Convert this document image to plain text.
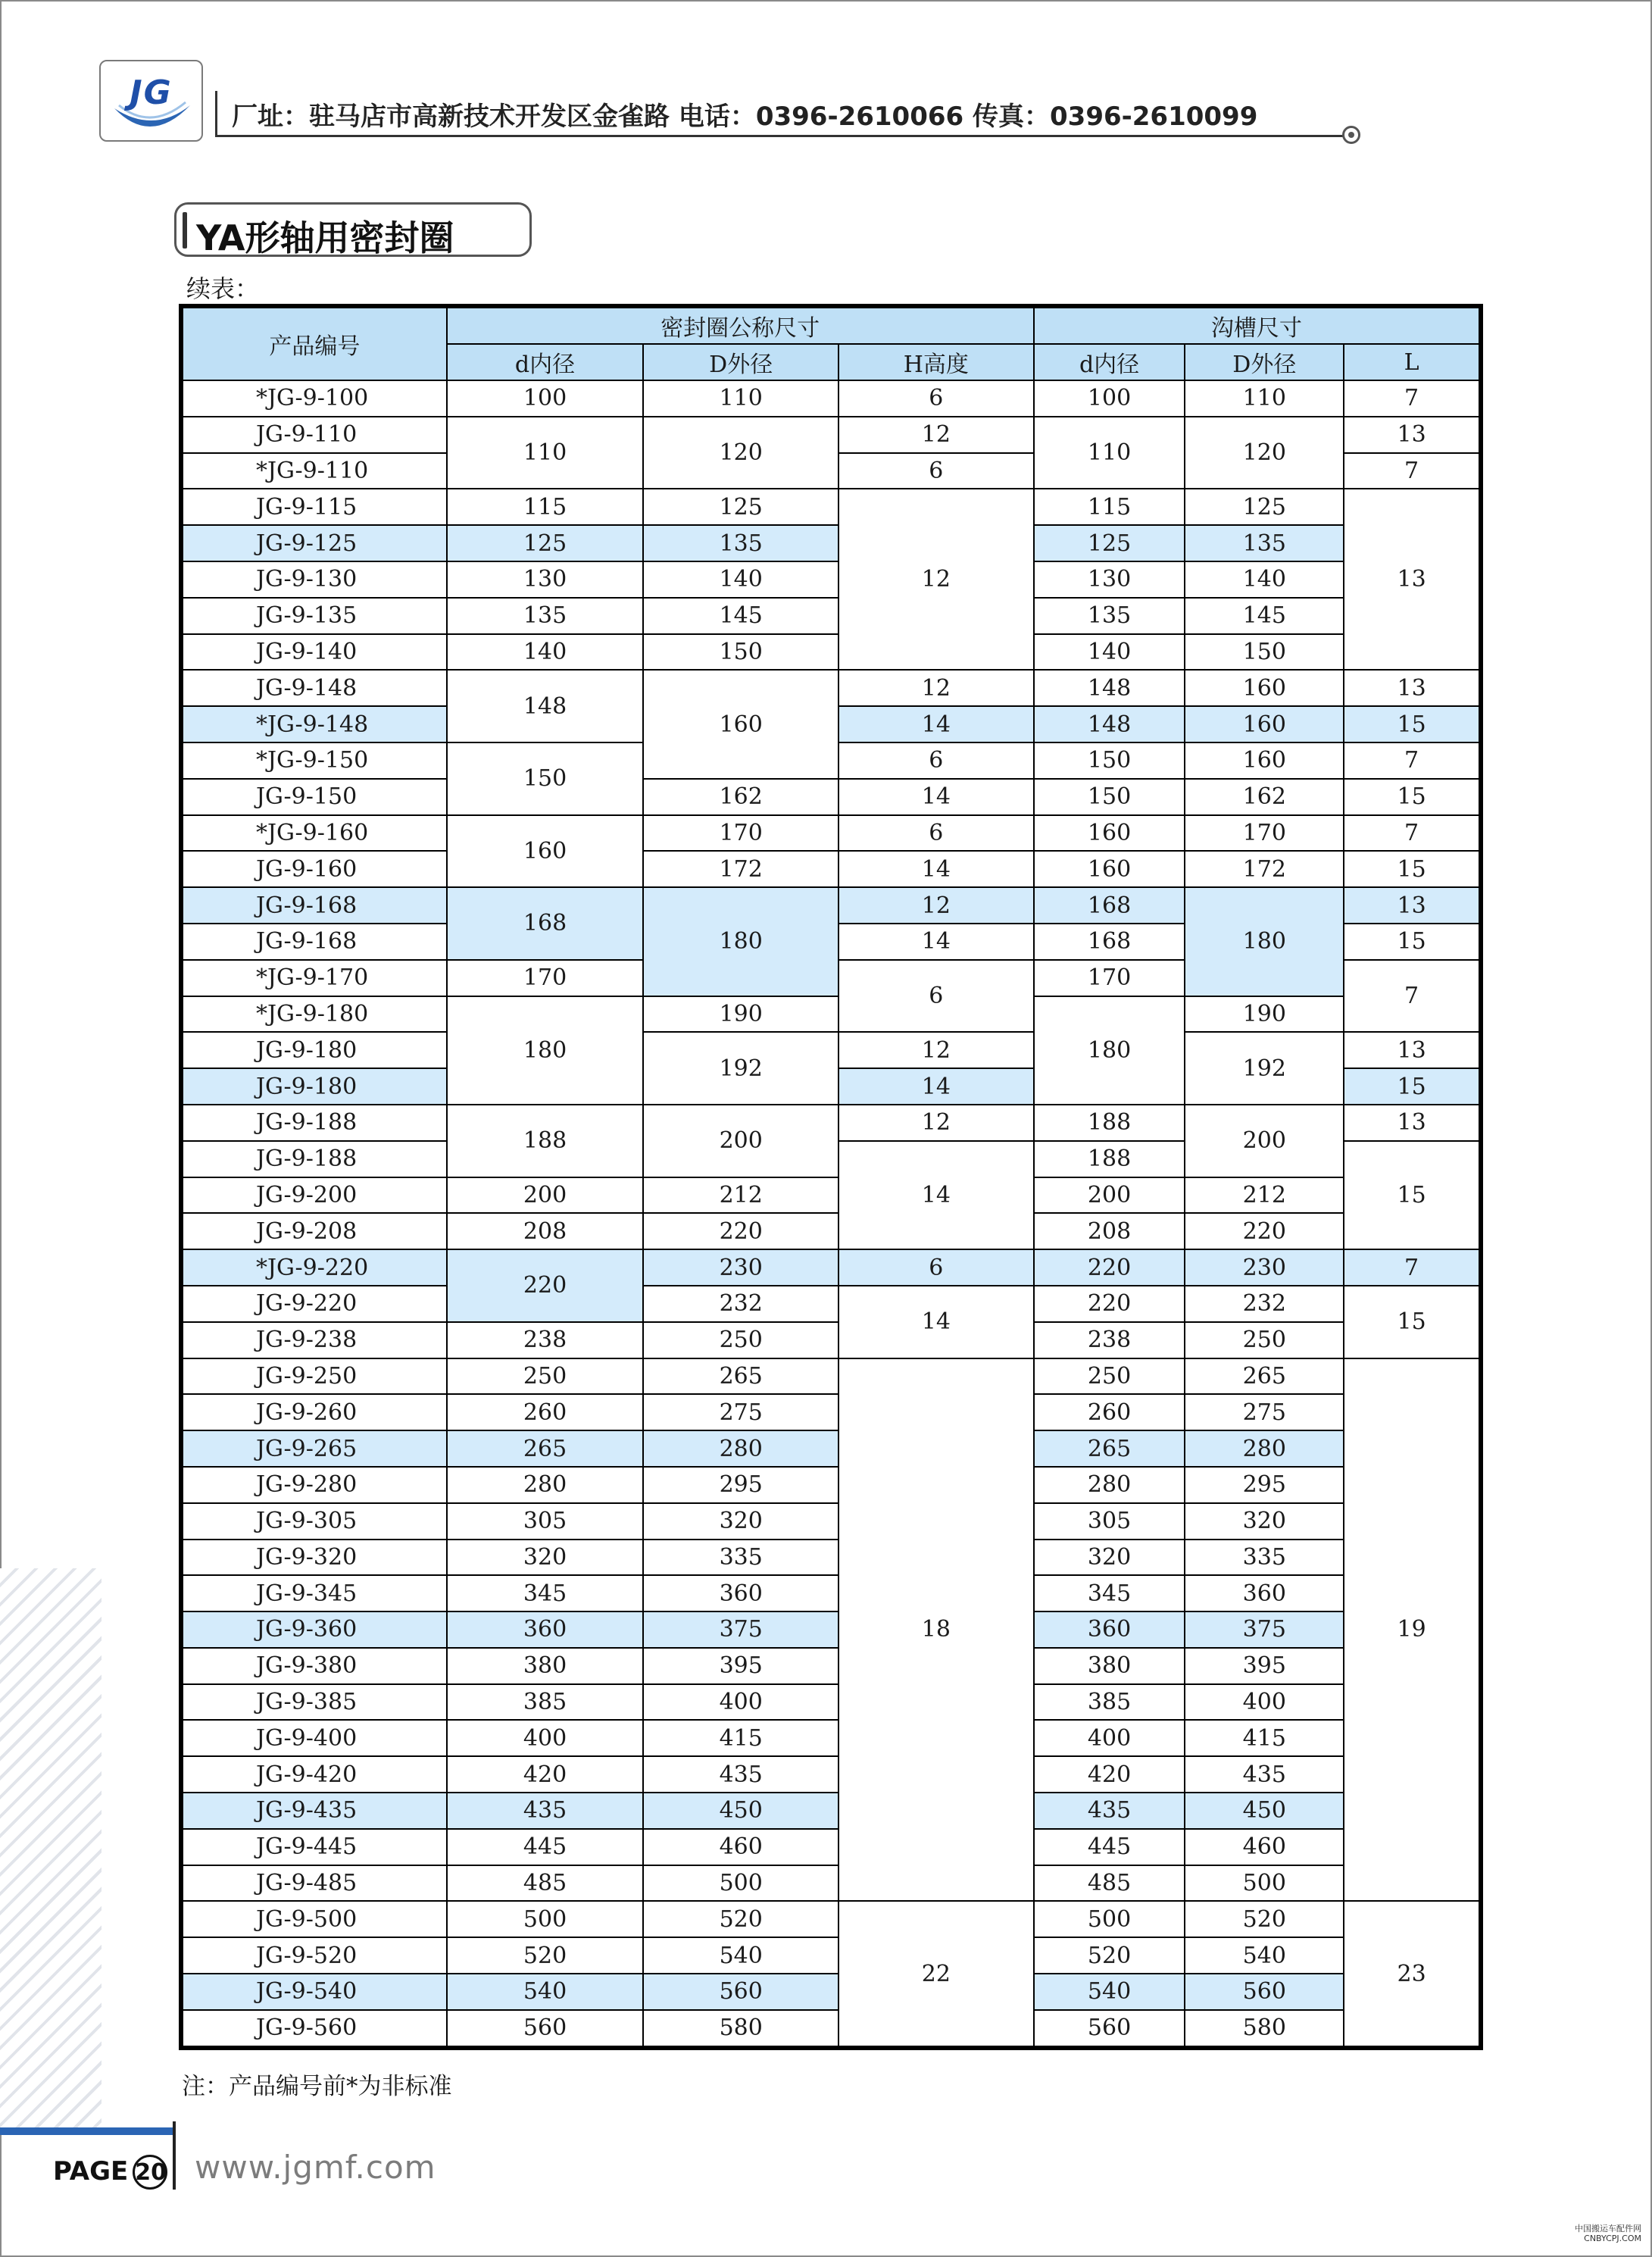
JG
厂址：驻马店市高新技术开发区金雀路 电话：0396-2610066 传真：0396-2610099
YA形轴用密封圈
续表：
产品编号	密封圈公称尺寸			沟槽尺寸		
	d内径	D外径	H高度	d内径	D外径	L
*JG-9-100	100	110	6	100	110	7
JG-9-110	110	120	12	110	120	13
*JG-9-110			6			7
JG-9-115	115	125	12	115	125	13
JG-9-125	125	135		125	135	
JG-9-130	130	140		130	140	
JG-9-135	135	145		135	145	
JG-9-140	140	150		140	150	
JG-9-148	148	160	12	148	160	13
*JG-9-148			14	148	160	15
*JG-9-150	150		6	150	160	7
JG-9-150		162	14	150	162	15
*JG-9-160	160	170	6	160	170	7
JG-9-160		172	14	160	172	15
JG-9-168	168	180	12	168	180	13
JG-9-168			14	168		15
*JG-9-170	170		6	170		7
*JG-9-180	180	190		180	190	
JG-9-180		192	12		192	13
JG-9-180			14			15
JG-9-188	188	200	12	188	200	13
JG-9-188			14	188		15
JG-9-200	200	212		200	212	
JG-9-208	208	220		208	220	
*JG-9-220	220	230	6	220	230	7
JG-9-220		232	14	220	232	15
JG-9-238	238	250		238	250	
JG-9-250	250	265	18	250	265	19
JG-9-260	260	275		260	275	
JG-9-265	265	280		265	280	
JG-9-280	280	295		280	295	
JG-9-305	305	320		305	320	
JG-9-320	320	335		320	335	
JG-9-345	345	360		345	360	
JG-9-360	360	375		360	375	
JG-9-380	380	395		380	395	
JG-9-385	385	400		385	400	
JG-9-400	400	415		400	415	
JG-9-420	420	435		420	435	
JG-9-435	435	450		435	450	
JG-9-445	445	460		445	460	
JG-9-485	485	500		485	500	
JG-9-500	500	520	22	500	520	23
JG-9-520	520	540		520	540	
JG-9-540	540	560		540	560	
JG-9-560	560	580		560	580	
注：产品编号前*为非标准
PAGE 20 www.jgmf.com
中国搬运车配件网
CNBYCPJ.COM
